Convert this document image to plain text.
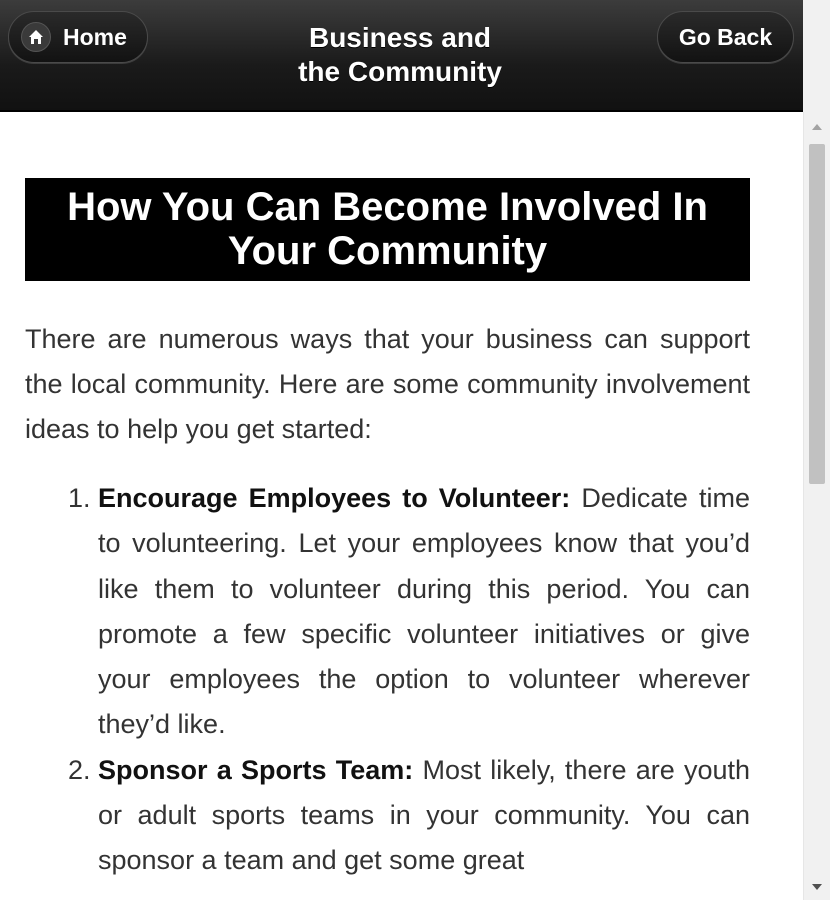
Home	Business and
the Community
Go Back
How You Can Become Involved In
Your Community

There are numerous ways that your business can support the local community. Here are some community involvement ideas to help you get started:

1. Encourage Employees to Volunteer: Dedicate time to volunteering. Let your employees know that you’d like them to volunteer during this period. You can promote a few specific volunteer initiatives or give your employees the option to volunteer wherever they’d like.
2. Sponsor a Sports Team: Most likely, there are youth or adult sports teams in your community. You can sponsor a team and get some great
